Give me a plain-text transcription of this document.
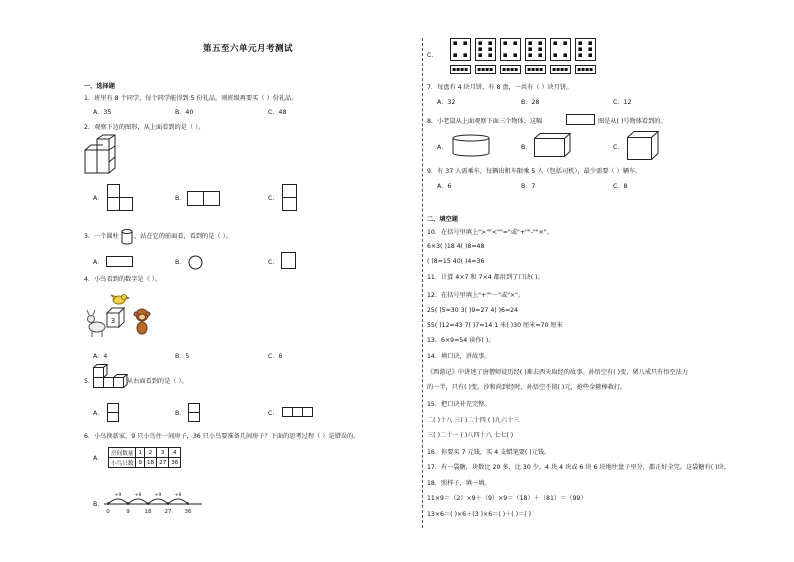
第五至六单元月考测试
一、选择题
1．班里有 8 个同学，每个同学能得到 5 份礼品，则班级再要买（ ）份礼品。
A．35	B．40	C．48
2．观察下边的图形，从上面看到的是（ ）。
A．	B．	C．
3．一个圆柱 ，站在它的前面看，看到的是（ ）。
A．	B．	C．
4．小鸟看到的数字是（ ）。
3
A．4	B．5	C．6
5．	从右面看到的是（ ）。
A．	B．	C．
6．小鸟换新家，9 只小鸟住一间房子，36 只小鸟要准备几间房子？下面的思考过程（ ）是错误的。
A．
房间数量	1	2	3	4
小鸟只数	9	18	27	36
B．
0
+9
9
+9
18
+9
27
+9
36
C．
7．每盘有 4 块月饼，有 8 盘，一共有（ ）块月饼。
A．32	B．28	C．12
8．小老鼠从上面观察下面三个物体，这幅	图是从( )号物体看到的。
A．	B．	C．
9．有 37 人需乘车，每辆出租车限乘 5 人（包括司机），最少需要（ ）辆车。
A．6	B．7	C．8
二、填空题
10．在括号里填上">""<""="或"+""-""×"。
6×3( )18 4( )8=48
( )8=15 40( )4=36
11．计算 4×7 和 7×4 都用到了口诀( )。
12．在括号里填上"+""－"或"×"。
25( )5=30 3( )9=27 4( )6=24
55( )12=43 7( )7=14 1 米( )30 厘米=70 厘米
13．6×9=54 读作( )。
14．填口诀，讲故事。
《西游记》中讲述了唐僧师徒历经( )难去西天取经的故事。孙悟空有( )变，猪八戒只有悟空法力
的一半，只有( )变。沙和尚到经时，孙悟空不留( )元，抢些金箍棒救打。
15．把口诀补充完整。
二( )十八 三( )二十四 ( )九六十三
三( )二十一 ( )八四十八 七七( )
16．你要买 7 元钱，买 4 支蜡笔要( )元钱。
17．有一袋糖，块数比 20 多，比 30 少，4 块 4 块或 6 块 6 块地往盘子里分，都正好全完。这袋糖有( )块。
18．照样子，填一填。
11×9＝（2）×9＋（9）×9＝（18）＋（81）＝（99）
13×6＝( )×6＋(3 )×6＝( )＋( )＝( )
